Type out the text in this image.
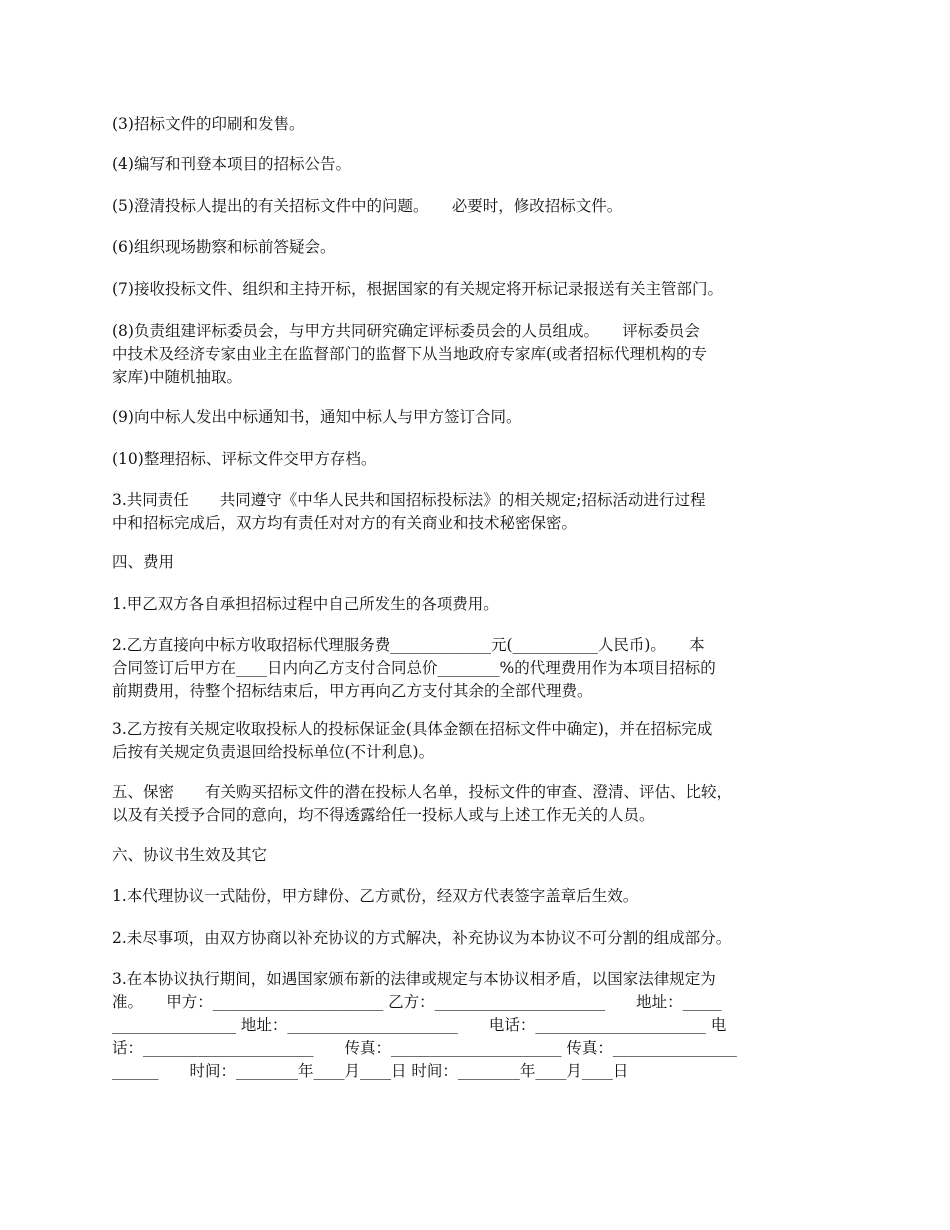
(3)招标文件的印刷和发售。

(4)编写和刊登本项目的招标公告。

(5)澄清投标人提出的有关招标文件中的问题。　　必要时，修改招标文件。

(6)组织现场勘察和标前答疑会。

(7)接收投标文件、组织和主持开标，根据国家的有关规定将开标记录报送有关主管部门。

(8)负责组建评标委员会，与甲方共同研究确定评标委员会的人员组成。　　评标委员会
中技术及经济专家由业主在监督部门的监督下从当地政府专家库(或者招标代理机构的专
家库)中随机抽取。

(9)向中标人发出中标通知书，通知中标人与甲方签订合同。

(10)整理招标、评标文件交甲方存档。

3.共同责任　　共同遵守《中华人民共和国招标投标法》的相关规定;招标活动进行过程
中和招标完成后，双方均有责任对对方的有关商业和技术秘密保密。

四、费用

1.甲乙双方各自承担招标过程中自己所发生的各项费用。

2.乙方直接向中标方收取招标代理服务费_____________元(___________人民币)。　　本
合同签订后甲方在____日内向乙方支付合同总价________%的代理费用作为本项目招标的
前期费用，待整个招标结束后，甲方再向乙方支付其余的全部代理费。

3.乙方按有关规定收取投标人的投标保证金(具体金额在招标文件中确定)，并在招标完成
后按有关规定负责退回给投标单位(不计利息)。

五、保密　　有关购买招标文件的潜在投标人名单，投标文件的审查、澄清、评估、比较，
以及有关授予合同的意向，均不得透露给任一投标人或与上述工作无关的人员。

六、协议书生效及其它

1.本代理协议一式陆份，甲方肆份、乙方贰份，经双方代表签字盖章后生效。

2.未尽事项，由双方协商以补充协议的方式解决，补充协议为本协议不可分割的组成部分。

3.在本协议执行期间，如遇国家颁布新的法律或规定与本协议相矛盾，以国家法律规定为
准。　　甲方：______________________ 乙方：______________________　　地址：_____
________________ 地址：______________________　　电话：______________________ 电
话：______________________　　传真：______________________ 传真：________________
______　　时间：________年____月____日 时间：________年____月____日
